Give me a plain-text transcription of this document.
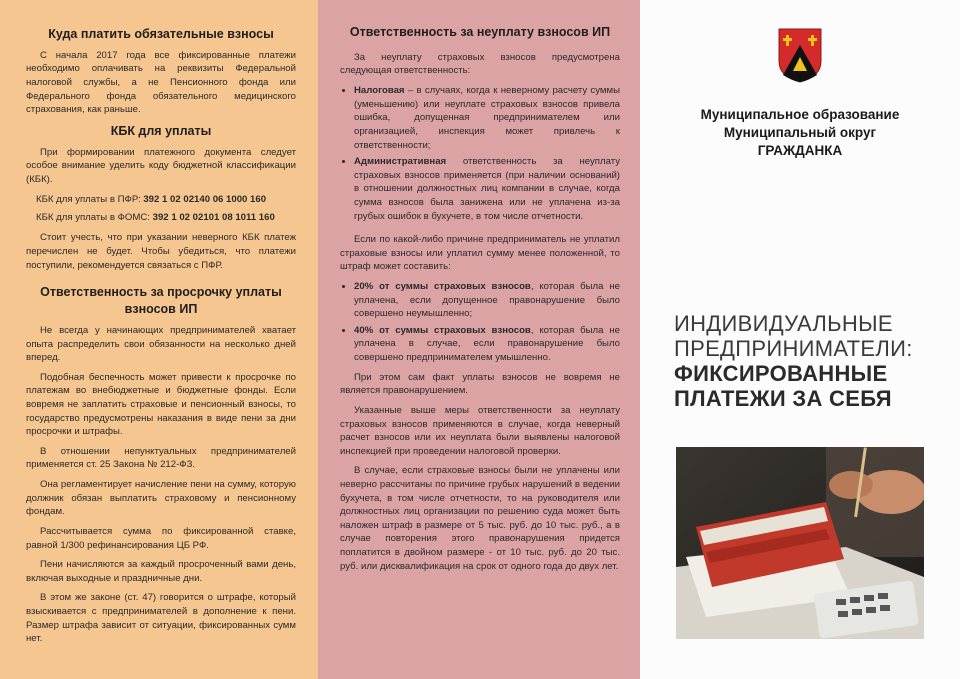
Куда платить обязательные взносы

С начала 2017 года все фиксированные платежи необходимо оплачивать на реквизиты Федеральной налоговой службы, а не Пенсионного фонда или Федерального фонда обязательного медицинского страхования, как раньше.

КБК для уплаты

При формировании платежного документа следует особое внимание уделить коду бюджетной классификации (КБК).

КБК для уплаты в ПФР: 392 1 02 02140 06 1000 160
КБК для уплаты в ФОМС: 392 1 02 02101 08 1011 160

Стоит учесть, что при указании неверного КБК платеж перечислен не будет. Чтобы убедиться, что платежи поступили, рекомендуется связаться с ПФР.

Ответственность за просрочку уплаты взносов ИП

Не всегда у начинающих предпринимателей хватает опыта распределить свои обязанности на несколько дней вперед.

Подобная беспечность может привести к просрочке по платежам во внебюджетные и бюджетные фонды. Если вовремя не заплатить страховые и пенсионный взносы, то государство предусмотрены наказания в виде пени за дни просрочки и штрафы.

В отношении непунктуальных предпринимателей применяется ст. 25 Закона № 212-ФЗ.

Она регламентирует начисление пени на сумму, которую должник обязан выплатить страховому и пенсионному фондам.

Рассчитывается сумма по фиксированной ставке, равной 1/300 рефинансирования ЦБ РФ.

Пени начисляются за каждый просроченный вами день, включая выходные и праздничные дни.

В этом же законе (ст. 47) говорится о штрафе, который взыскивается с предпринимателей в дополнение к пени. Размер штрафа зависит от ситуации, фиксированных сумм нет.

Ответственность за неуплату взносов ИП

За неуплату страховых взносов предусмотрена следующая ответственность:

• Налоговая – в случаях, когда к неверному расчету суммы (уменьшению) или неуплате страховых взносов привела ошибка, допущенная предпринимателем или организацией, инспекция может привлечь к ответственности;
• Административная ответственность за неуплату страховых взносов применяется (при наличии оснований) в отношении должностных лиц компании в случае, когда сумма взносов была занижена или не уплачена из-за грубых ошибок в бухучете, в том числе отчетности.

Если по какой-либо причине предприниматель не уплатил страховые взносы или уплатил сумму менее положенной, то штраф может составить:

• 20% от суммы страховых взносов, которая была не уплачена, если допущенное правонарушение было совершено неумышленно;
• 40% от суммы страховых взносов, которая была не уплачена в случае, если правонарушение было совершено предпринимателем умышленно.

При этом сам факт уплаты взносов не вовремя не является правонарушением.

Указанные выше меры ответственности за неуплату страховых взносов применяются в случае, когда неверный расчет взносов или их неуплата были выявлены налоговой инспекцией при проведении налоговой проверки.

В случае, если страховые взносы были не уплачены или неверно рассчитаны по причине грубых нарушений в ведении бухучета, в том числе отчетности, то на руководителя или должностных лиц организации по решению суда может быть наложен штраф в размере от 5 тыс. руб. до 10 тыс. руб., а в случае повторения этого правонарушения придется поплатится в двойном размере - от 10 тыс. руб. до 20 тыс. руб. или дисквалификация на срок от одного года до двух лет.

Муниципальное образование
Муниципальный округ
ГРАЖДАНКА
ИНДИВИДУАЛЬНЫЕ
ПРЕДПРИНИМАТЕЛИ:
ФИКСИРОВАННЫЕ
ПЛАТЕЖИ ЗА СЕБЯ
